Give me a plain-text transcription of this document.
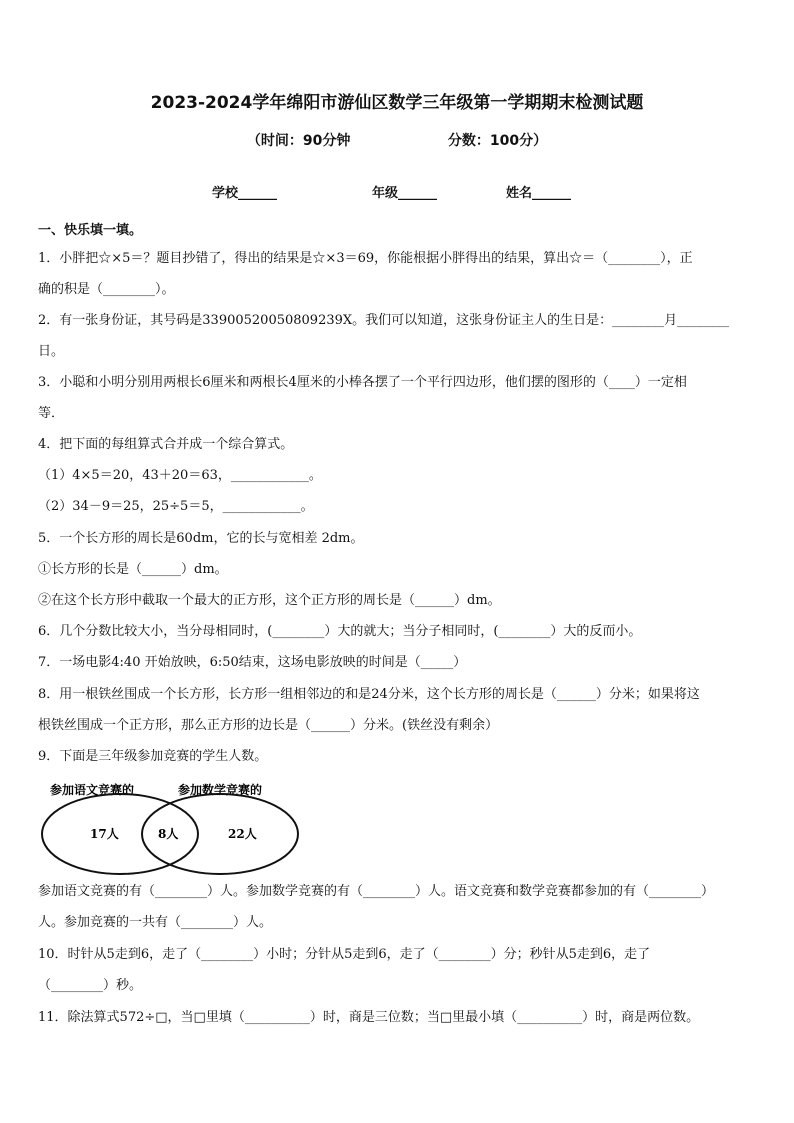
2023-2024学年绵阳市游仙区数学三年级第一学期期末检测试题
（时间：90分钟                    分数：100分）
学校______	年级______	姓名______
一、快乐填一填。
1．小胖把☆×5＝？题目抄错了，得出的结果是☆×3＝69，你能根据小胖得出的结果，算出☆＝（________），正
确的积是（________）。
2．有一张身份证，其号码是33900520050809239X。我们可以知道，这张身份证主人的生日是：________月________
日。
3．小聪和小明分别用两根长6厘米和两根长4厘米的小棒各摆了一个平行四边形，他们摆的图形的（____）一定相
等．
4．把下面的每组算式合并成一个综合算式。
（1）4×5＝20，43＋20＝63，____________。
（2）34－9＝25，25÷5＝5，____________。
5．一个长方形的周长是60dm，它的长与宽相差 2dm。
①长方形的长是（______）dm。
②在这个长方形中截取一个最大的正方形，这个正方形的周长是（______）dm。
6．几个分数比较大小，当分母相同时，(________）大的就大；当分子相同时，(________）大的反而小。
7．一场电影4:40 开始放映，6:50结束，这场电影放映的时间是（_____）
8．用一根铁丝围成一个长方形，长方形一组相邻边的和是24分米，这个长方形的周长是（______）分米；如果将这
根铁丝围成一个正方形，那么正方形的边长是（______）分米。(铁丝没有剩余）
9．下面是三年级参加竞赛的学生人数。
参加语文竞赛的	参加数学竞赛的
17人	8人	22人
参加语文竞赛的有（________）人。参加数学竞赛的有（________）人。语文竞赛和数学竞赛都参加的有（________）
人。参加竞赛的一共有（________）人。
10．时针从5走到6，走了（________）小时；分针从5走到6，走了（________）分；秒针从5走到6，走了
（________）秒。
11．除法算式572÷□，当□里填（__________）时，商是三位数；当□里最小填（__________）时，商是两位数。
